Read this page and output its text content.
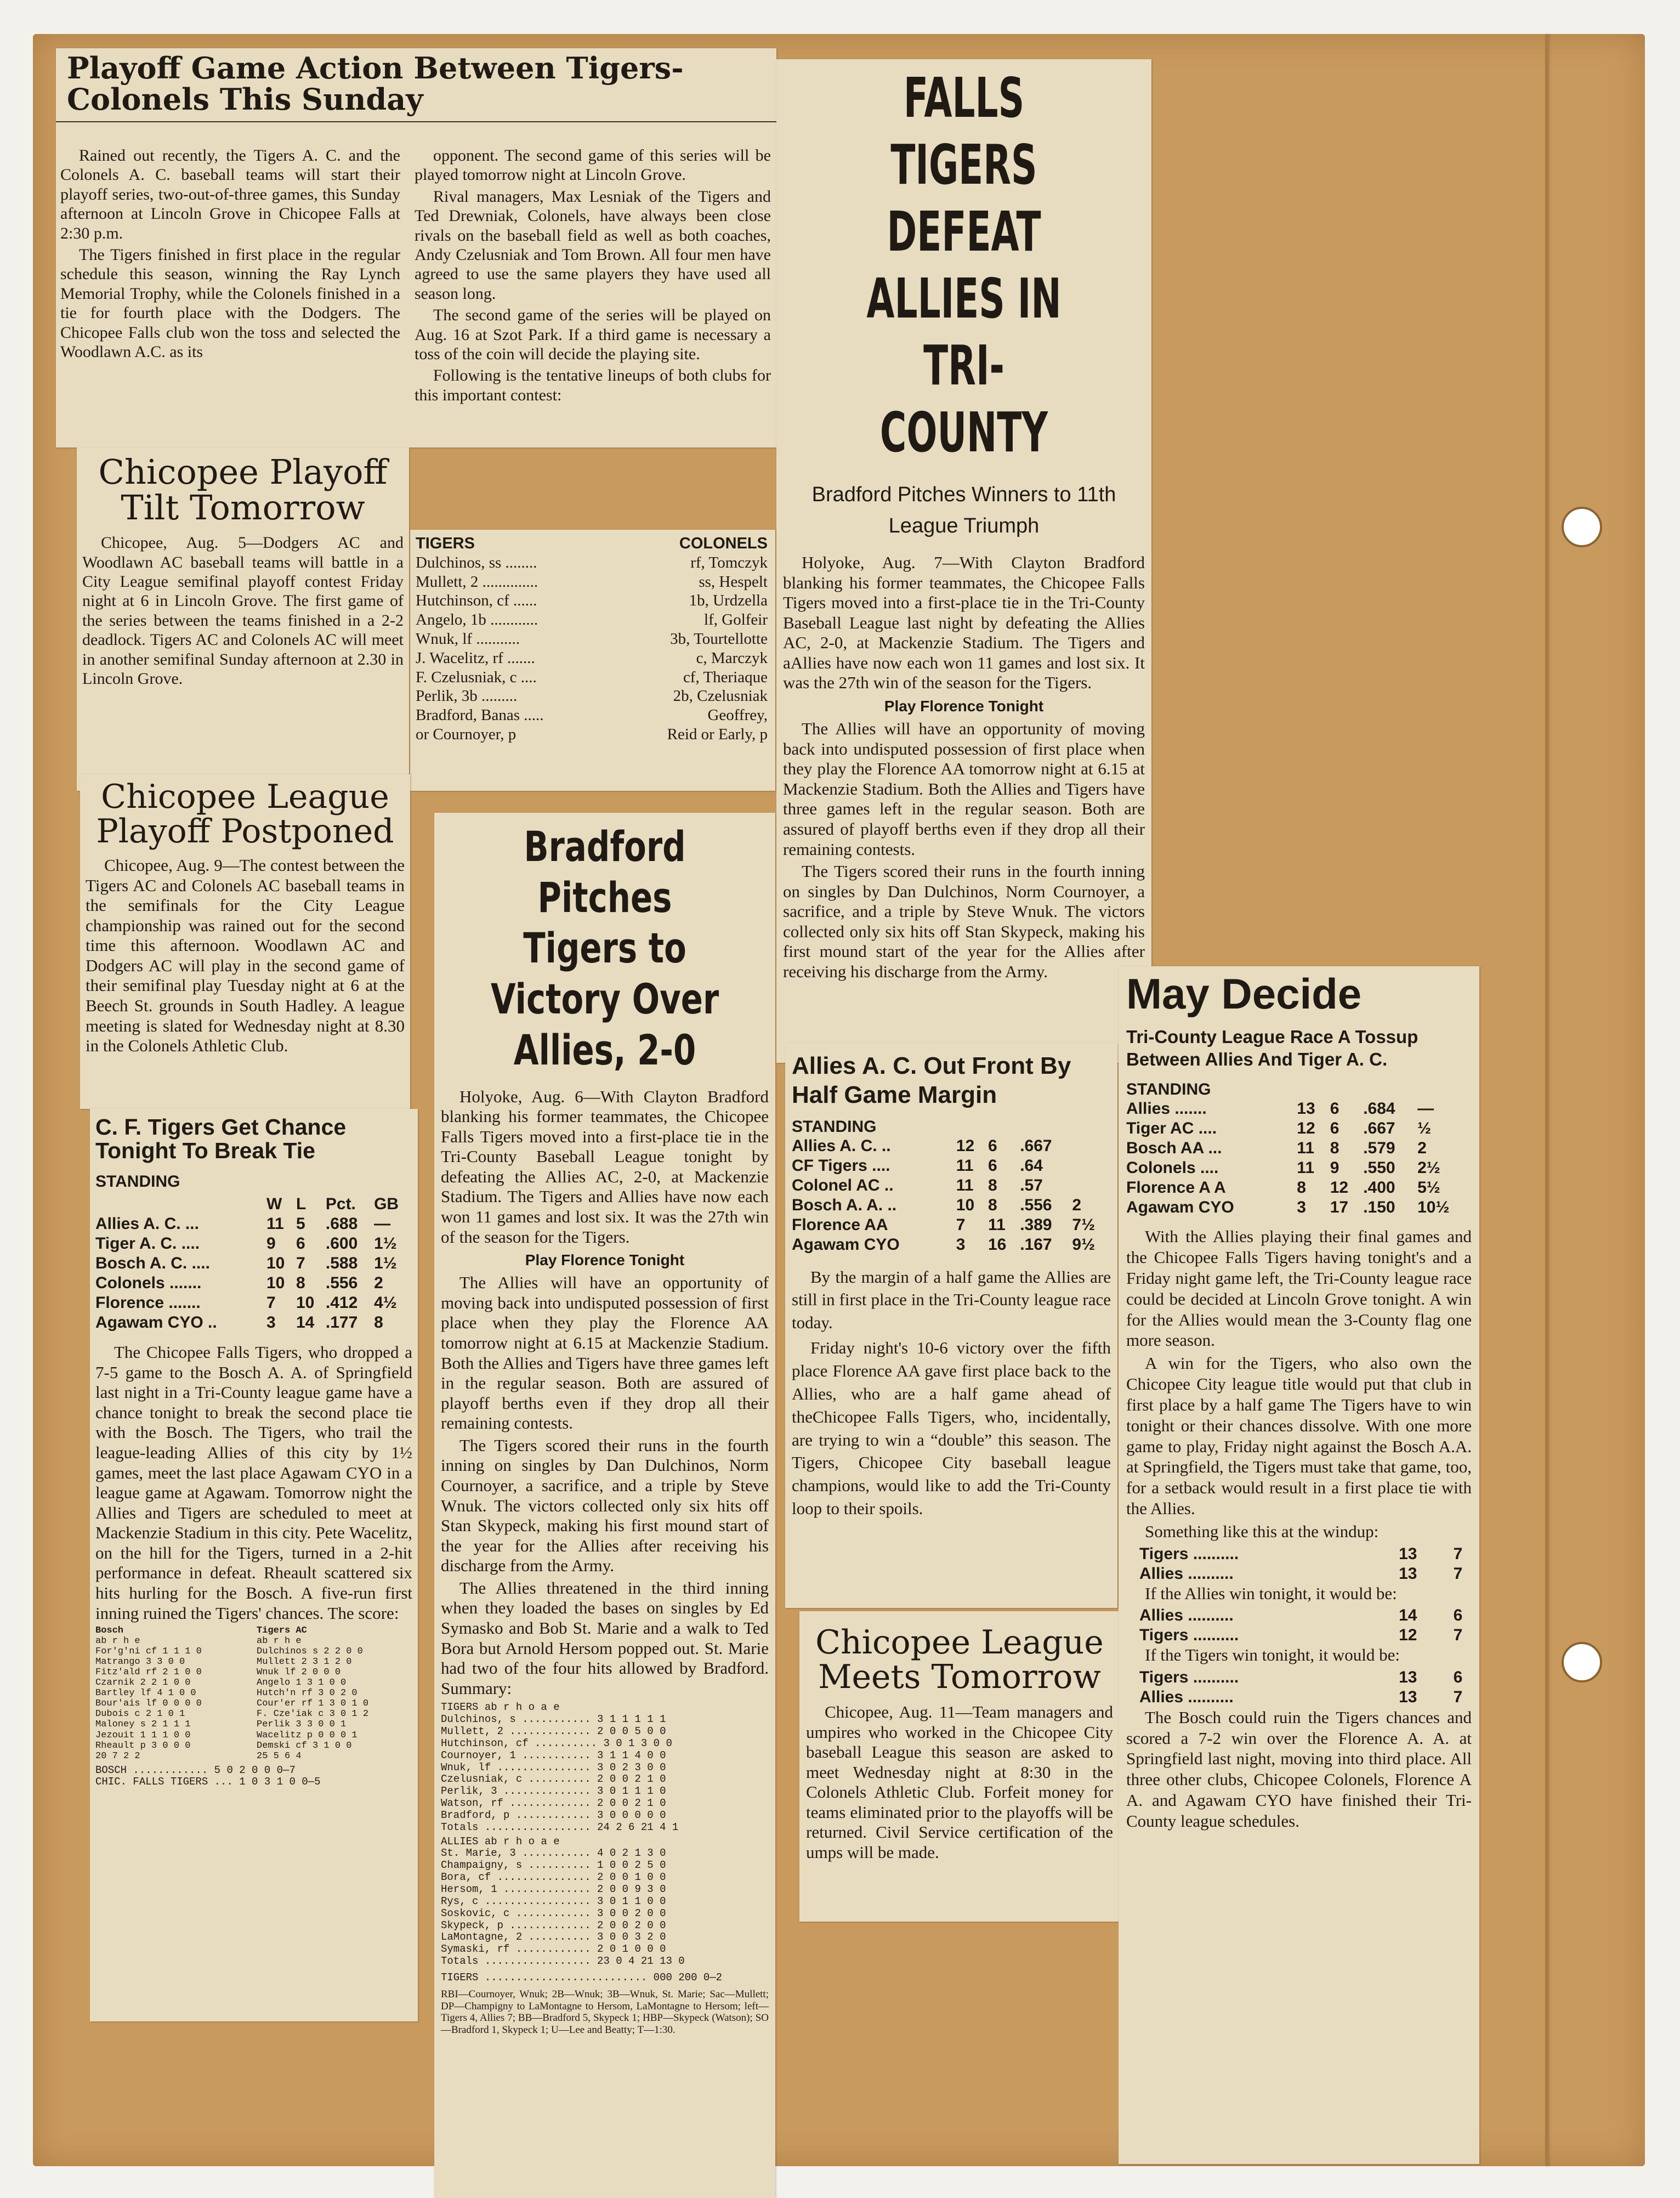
Playoff Game Action Between Tigers-Colonels This Sunday

Rained out recently, the Tigers A. C. and the Colonels A. C. baseball teams will start their playoff series, two-out-of-three games, this Sunday afternoon at Lincoln Grove in Chicopee Falls at 2:30 p.m.

The Tigers finished in first place in the regular schedule this season, winning the Ray Lynch Memorial Trophy, while the Colonels finished in a tie for fourth place with the Dodgers. The Chicopee Falls club won the toss and selected the Woodlawn A.C. as its

opponent. The second game of this series will be played tomorrow night at Lincoln Grove.

Rival managers, Max Lesniak of the Tigers and Ted Drewniak, Colonels, have always been close rivals on the baseball field as well as both coaches, Andy Czelusniak and Tom Brown. All four men have agreed to use the same players they have used all season long.

The second game of the series will be played on Aug. 16 at Szot Park. If a third game is necessary a toss of the coin will decide the playing site.

Following is the tentative lineups of both clubs for this important contest:

TIGERS	COLONELS
Dulchinos, ss ........	rf, Tomczyk
Mullett, 2 ..............	ss, Hespelt
Hutchinson, cf ......	1b, Urdzella
Angelo, 1b ............	lf, Golfeir
Wnuk, lf ...........	3b, Tourtellotte
J. Wacelitz, rf .......	c, Marczyk
F. Czelusniak, c ....	cf, Theriaque
Perlik, 3b .........	2b, Czelusniak
Bradford, Banas .....	Geoffrey,
or Cournoyer, p	Reid or Early, p
Chicopee Playoff Tilt Tomorrow

Chicopee, Aug. 5—Dodgers AC and Woodlawn AC baseball teams will battle in a City League semifinal playoff contest Friday night at 6 in Lincoln Grove. The first game of the series between the teams finished in a 2-2 deadlock. Tigers AC and Colonels AC will meet in another semifinal Sunday afternoon at 2.30 in Lincoln Grove.

Chicopee League Playoff Postponed

Chicopee, Aug. 9—The contest between the Tigers AC and Colonels AC baseball teams in the semifinals for the City League championship was rained out for the second time this afternoon. Woodlawn AC and Dodgers AC will play in the second game of their semifinal play Tuesday night at 6 at the Beech St. grounds in South Hadley. A league meeting is slated for Wednesday night at 8.30 in the Colonels Athletic Club.

C. F. Tigers Get Chance Tonight To Break Tie
STANDING
	W	L	Pct.	GB
Allies A. C. ...	11	5	.688	—
Tiger A. C. ....	9	6	.600	1½
Bosch A. C. ....	10	7	.588	1½
Colonels .......	10	8	.556	2
Florence .......	7	10	.412	4½
Agawam CYO ..	3	14	.177	8

The Chicopee Falls Tigers, who dropped a 7-5 game to the Bosch A. A. of Springfield last night in a Tri-County league game have a chance tonight to break the second place tie with the Bosch. The Tigers, who trail the league-leading Allies of this city by 1½ games, meet the last place Agawam CYO in a league game at Agawam. Tomorrow night the Allies and Tigers are scheduled to meet at Mackenzie Stadium in this city. Pete Wacelitz, on the hill for the Tigers, turned in a 2-hit performance in defeat. Rheault scattered six hits hurling for the Bosch. A five-run first inning ruined the Tigers' chances. The score:

Bosch
ab r h e
For'g'ni cf 1 1 1 0
Matrango 3 3 0 0
Fitz'ald rf 2 1 0 0
Czarnik 2 2 1 0 0
Bartley lf 4 1 0 0
Bour'ais lf 0 0 0 0
Dubois c 2 1 0 1
Maloney s 2 1 1 1
Jezouit 1 1 1 0 0
Rheault p 3 0 0 0
20 7 2 2
Tigers AC
ab r h e
Dulchinos s 2 2 0 0
Mullett 2 3 1 2 0
Wnuk lf 2 0 0 0
Angelo 1 3 1 0 0
Hutch'n rf 3 0 2 0
Cour'er rf 1 3 0 1 0
F. Cze'iak c 3 0 1 2
Perlik 3 3 0 0 1
Wacelitz p 0 0 0 1
Demski cf 3 1 0 0
25 5 6 4
BOSCH ............ 5 0 2 0 0 0—7
CHIC. FALLS TIGERS ... 1 0 3 1 0 0—5
Bradford Pitches Tigers to Victory Over Allies, 2-0

Holyoke, Aug. 6—With Clayton Bradford blanking his former teammates, the Chicopee Falls Tigers moved into a first-place tie in the Tri-County Baseball League tonight by defeating the Allies AC, 2-0, at Mackenzie Stadium. The Tigers and Allies have now each won 11 games and lost six. It was the 27th win of the season for the Tigers.

Play Florence Tonight

The Allies will have an opportunity of moving back into undisputed possession of first place when they play the Florence AA tomorrow night at 6.15 at Mackenzie Stadium. Both the Allies and Tigers have three games left in the regular season. Both are assured of playoff berths even if they drop all their remaining contests.

The Tigers scored their runs in the fourth inning on singles by Dan Dulchinos, Norm Cournoyer, a sacrifice, and a triple by Steve Wnuk. The victors collected only six hits off Stan Skypeck, making his first mound start of the year for the Allies after receiving his discharge from the Army.

The Allies threatened in the third inning when they loaded the bases on singles by Ed Symasko and Bob St. Marie and a walk to Ted Bora but Arnold Hersom popped out. St. Marie had two of the four hits allowed by Bradford. Summary:

TIGERS ab r h o a e
Dulchinos, s ........... 3 1 1 1 1 1
Mullett, 2 ............. 2 0 0 5 0 0
Hutchinson, cf .......... 3 0 1 3 0 0
Cournoyer, 1 ........... 3 1 1 4 0 0
Wnuk, lf ............... 3 0 2 3 0 0
Czelusniak, c .......... 2 0 0 2 1 0
Perlik, 3 .............. 3 0 1 1 1 0
Watson, rf ............. 2 0 0 2 1 0
Bradford, p ............ 3 0 0 0 0 0
Totals ................. 24 2 6 21 4 1
ALLIES ab r h o a e
St. Marie, 3 ........... 4 0 2 1 3 0
Champaigny, s .......... 1 0 0 2 5 0
Bora, cf ............... 2 0 0 1 0 0
Hersom, 1 .............. 2 0 0 9 3 0
Rys, c ................. 3 0 1 1 0 0
Soskovic, c ............ 3 0 0 2 0 0
Skypeck, p ............. 2 0 0 2 0 0
LaMontagne, 2 .......... 3 0 0 3 2 0
Symaski, rf ............ 2 0 1 0 0 0
Totals ................. 23 0 4 21 13 0
TIGERS .......................... 000 200 0—2
RBI—Cournoyer, Wnuk; 2B—Wnuk; 3B—Wnuk, St. Marie; Sac—Mullett; DP—Champigny to LaMontagne to Hersom, LaMontagne to Hersom; left—Tigers 4, Allies 7; BB—Bradford 5, Skypeck 1; HBP—Skypeck (Watson); SO—Bradford 1, Skypeck 1; U—Lee and Beatty; T—1:30.
FALLS TIGERS DEFEAT ALLIES IN TRI-COUNTY
Bradford Pitches Winners to 11th League Triumph

Holyoke, Aug. 7—With Clayton Bradford blanking his former teammates, the Chicopee Falls Tigers moved into a first-place tie in the Tri-County Baseball League last night by defeating the Allies AC, 2-0, at Mackenzie Stadium. The Tigers and aAllies have now each won 11 games and lost six. It was the 27th win of the season for the Tigers.

Play Florence Tonight

The Allies will have an opportunity of moving back into undisputed possession of first place when they play the Florence AA tomorrow night at 6.15 at Mackenzie Stadium. Both the Allies and Tigers have three games left in the regular season. Both are assured of playoff berths even if they drop all their remaining contests.

The Tigers scored their runs in the fourth inning on singles by Dan Dulchinos, Norm Cournoyer, a sacrifice, and a triple by Steve Wnuk. The victors collected only six hits off Stan Skypeck, making his first mound start of the year for the Allies after receiving his discharge from the Army.

Allies A. C. Out Front By Half Game Margin
STANDING
Allies A. C. ..	12	6	.667	
CF Tigers ....	11	6	.64	
Colonel AC ..	11	8	.57	
Bosch A. A. ..	10	8	.556	2
Florence AA	7	11	.389	7½
Agawam CYO	3	16	.167	9½

By the margin of a half game the Allies are still in first place in the Tri-County league race today.

Friday night's 10-6 victory over the fifth place Florence AA gave first place back to the Allies, who are a half game ahead of theChicopee Falls Tigers, who, incidentally, are trying to win a “double” this season. The Tigers, Chicopee City baseball league champions, would like to add the Tri-County loop to their spoils.

Chicopee League Meets Tomorrow

Chicopee, Aug. 11—Team managers and umpires who worked in the Chicopee City baseball League this season are asked to meet Wednesday night at 8:30 in the Colonels Athletic Club. Forfeit money for teams eliminated prior to the playoffs will be returned. Civil Service certification of the umps will be made.

May Decide
Tri-County League Race A Tossup Between Allies And Tiger A. C.
STANDING
Allies .......	13	6	.684	—
Tiger AC ....	12	6	.667	½
Bosch AA ...	11	8	.579	2
Colonels ....	11	9	.550	2½
Florence A A	8	12	.400	5½
Agawam CYO	3	17	.150	10½

With the Allies playing their final games and the Chicopee Falls Tigers having tonight's and a Friday night game left, the Tri-County league race could be decided at Lincoln Grove tonight. A win for the Allies would mean the 3-County flag one more season.

A win for the Tigers, who also own the Chicopee City league title would put that club in first place by a half game The Tigers have to win tonight or their chances dissolve. With one more game to play, Friday night against the Bosch A.A. at Springfield, the Tigers must take that game, too, for a setback would result in a first place tie with the Allies.

Something like this at the windup:

Tigers ..........	13	7
Allies ..........	13	7

If the Allies win tonight, it would be:

Allies ..........	14	6
Tigers ..........	12	7

If the Tigers win tonight, it would be:

Tigers ..........	13	6
Allies ..........	13	7

The Bosch could ruin the Tigers chances and scored a 7-2 win over the Florence A. A. at Springfield last night, moving into third place. All three other clubs, Chicopee Colonels, Florence A A. and Agawam CYO have finished their Tri-County league schedules.
